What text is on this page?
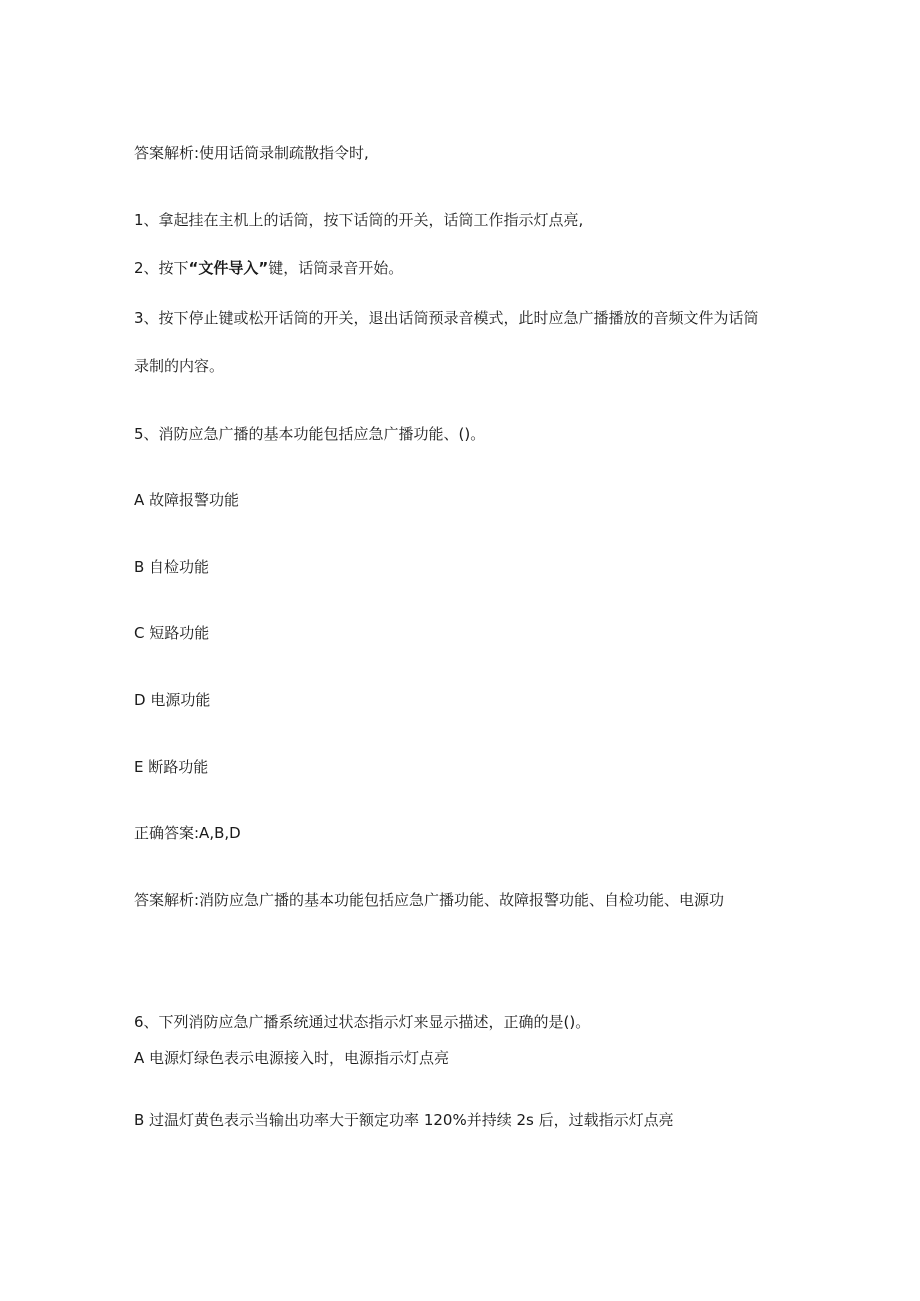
答案解析:使用话筒录制疏散指令时,
1、拿起挂在主机上的话筒，按下话筒的开关，话筒工作指示灯点亮,
2、按下“文件导入”键，话筒录音开始。
3、按下停止键或松开话筒的开关，退出话筒预录音模式，此时应急广播播放的音频文件为话筒
录制的内容。
5、消防应急广播的基本功能包括应急广播功能、()。
A 故障报警功能
B 自检功能
C 短路功能
D 电源功能
E 断路功能
正确答案:A,B,D
答案解析:消防应急广播的基本功能包括应急广播功能、故障报警功能、自检功能、电源功
6、下列消防应急广播系统通过状态指示灯来显示描述，正确的是()。
A 电源灯绿色表示电源接入时，电源指示灯点亮
B 过温灯黄色表示当输出功率大于额定功率 120%并持续 2s 后，过载指示灯点亮
